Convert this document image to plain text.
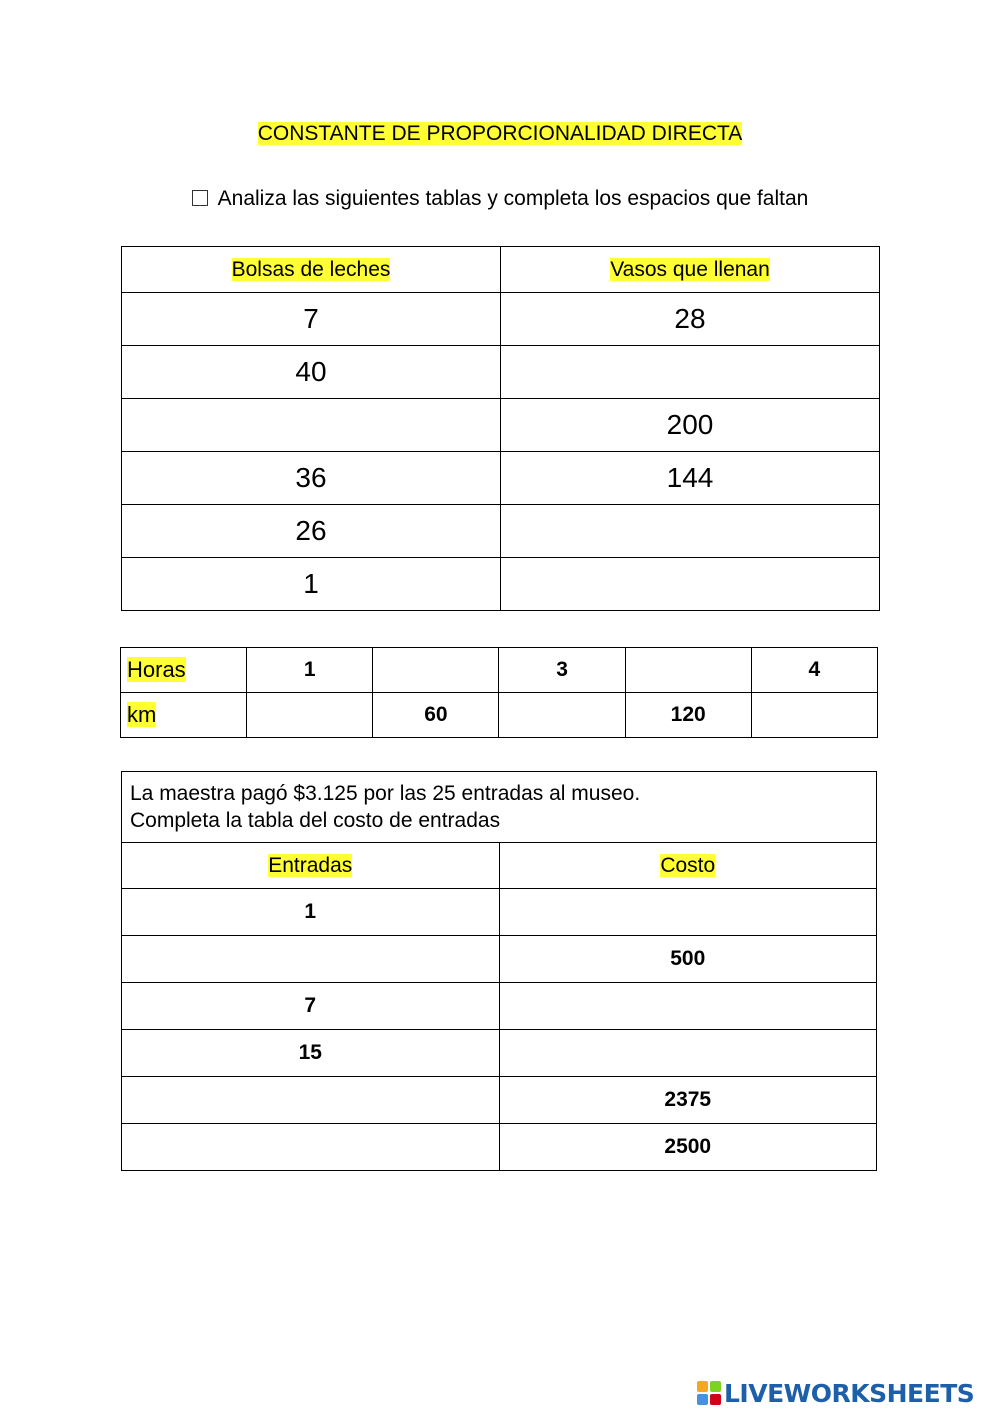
CONSTANTE DE PROPORCIONALIDAD DIRECTA
Analiza las siguientes tablas y completa los espacios que faltan
Bolsas de leches	Vasos que llenan
7	28
40	
	200
36	144
26	
1	
Horas	1		3		4
km		60		120	
La maestra pagó $3.125 por las 25 entradas al museo.
Completa la tabla del costo de entradas	

Entradas	Costo
1	
	500
7	
15	
	2375
	2500
LIVEWORKSHEETS
